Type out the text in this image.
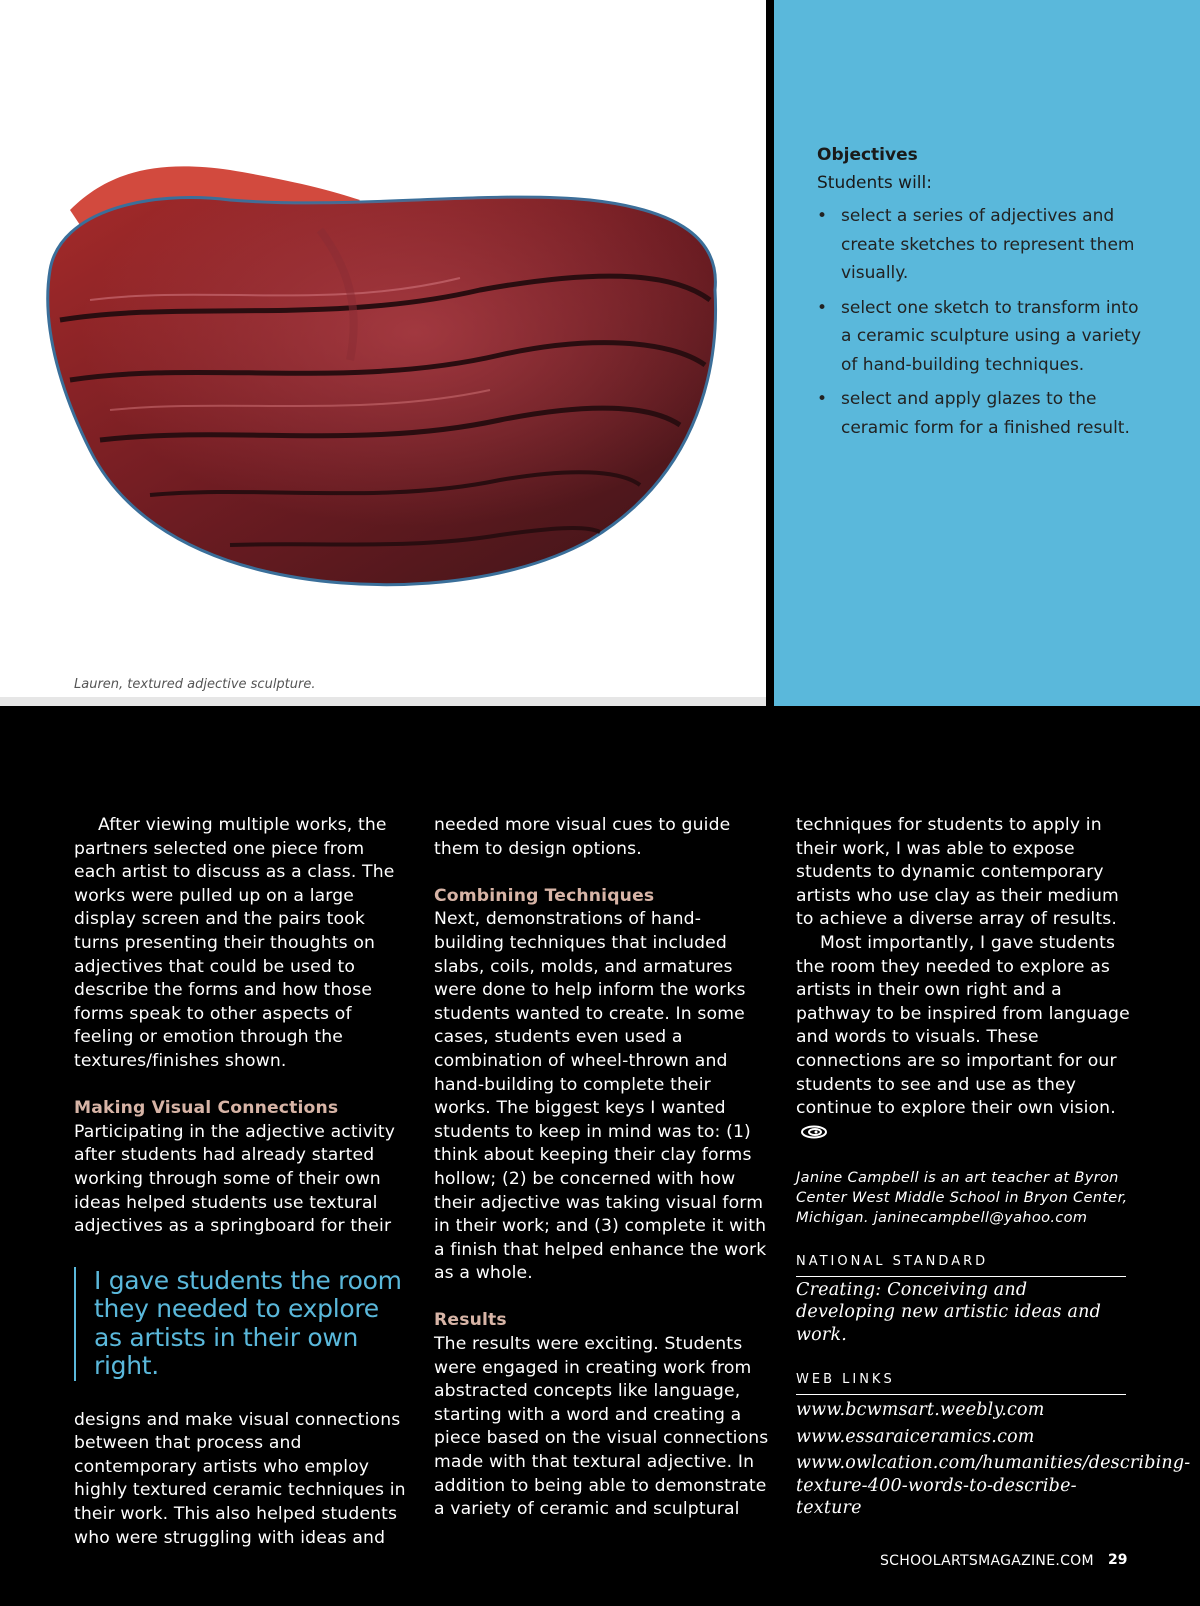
Lauren, textured adjective sculpture.
Objectives
Students will:
• select a series of adjectives and create sketches to represent them visually.
• select one sketch to transform into a ceramic sculpture using a variety of hand-building techniques.
• select and apply glazes to the ceramic form for a finished result.

After viewing multiple works, the partners selected one piece from each artist to discuss as a class. The works were pulled up on a large display screen and the pairs took turns presenting their thoughts on adjectives that could be used to describe the forms and how those forms speak to other aspects of feeling or emotion through the textures/finishes shown.

Making Visual Connections

Participating in the adjective activity after students had already started working through some of their own ideas helped students use textural adjectives as a springboard for their

I gave students the room they needed to explore as artists in their own right.

designs and make visual connections between that process and contemporary artists who employ highly textured ceramic techniques in their work. This also helped students who were struggling with ideas and

needed more visual cues to guide them to design options.

Combining Techniques

Next, demonstrations of hand-building techniques that included slabs, coils, molds, and armatures were done to help inform the works students wanted to create. In some cases, students even used a combination of wheel-thrown and hand-building to complete their works. The biggest keys I wanted students to keep in mind was to: (1) think about keeping their clay forms hollow; (2) be concerned with how their adjective was taking visual form in their work; and (3) complete it with a finish that helped enhance the work as a whole.

Results

The results were exciting. Students were engaged in creating work from abstracted concepts like language, starting with a word and creating a piece based on the visual connections made with that textural adjective. In addition to being able to demonstrate a variety of ceramic and sculptural

techniques for students to apply in their work, I was able to expose students to dynamic contemporary artists who use clay as their medium to achieve a diverse array of results.

Most importantly, I gave students the room they needed to explore as artists in their own right and a pathway to be inspired from language and words to visuals. These connections are so important for our students to see and use as they continue to explore their own vision.

Janine Campbell is an art teacher at Byron Center West Middle School in Bryon Center, Michigan. janinecampbell@yahoo.com
NATIONAL STANDARD
Creating: Conceiving and developing new artistic ideas and work.
WEB LINKS
www.bcwmsart.weebly.com
www.essaraiceramics.com
www.owlcation.com/humanities/describing-texture-400-words-to-describe-texture
SCHOOLARTSMAGAZINE.COM 29
